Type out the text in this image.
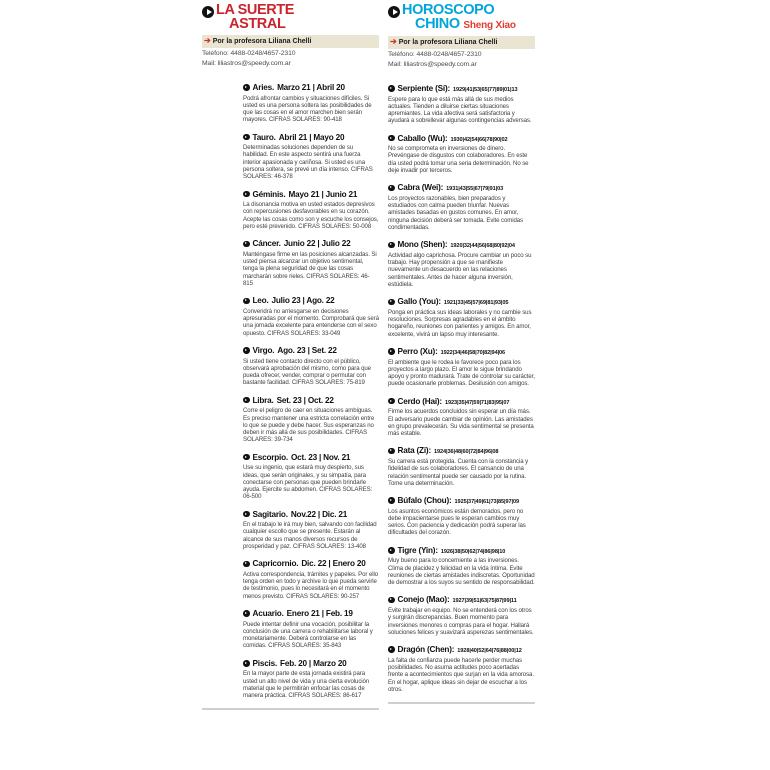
LA SUERTE
ASTRAL
➔ Por la profesora Liliana Chelli
Teléfono: 4488-0248/4657-2310
Mail: liliastros@speedy.com.ar
Aries. Marzo 21 | Abril 20
Podrá afrontar cambios y situaciones difíciles. Si usted es una persona soltera las posibilidades de que las cosas en el amor marchen bien serán mayores. CIFRAS SOLARES: 90-418
Tauro. Abril 21 | Mayo 20
Determinadas soluciones dependen de su habilidad. En este aspecto sentirá una fuerza interior apasionada y cariñosa. Si usted es una persona soltera, se prevé un día intenso. CIFRAS SOLARES: 46-378
Géminis. Mayo 21 | Junio 21
La disonancia motiva en usted estados depresivos con repercusiones desfavorables en su corazón. Acepte las cosas como son y escuche los consejos, pero esté prevenido. CIFRAS SOLARES: 50-008
Cáncer. Junio 22 | Julio 22
Manténgase firme en las posiciones alcanzadas. Si usted piensa alcanzar un objetivo sentimental, tenga la plena seguridad de que las cosas marcharán sobre rieles. CIFRAS SOLARES: 46-815
Leo. Julio 23 | Ago. 22
Convendrá no arriesgarse en decisiones apresuradas por el momento. Comprobará que será una jornada excelente para entenderse con el sexo opuesto. CIFRAS SOLARES: 33-049
Virgo. Ago. 23 | Set. 22
Si usted tiene contacto directo con el público, observará aprobación del mismo, como para que pueda ofrecer, vender, comprar o permutar con bastante facilidad. CIFRAS SOLARES: 75-819
Libra. Set. 23 | Oct. 22
Corre el peligro de caer en situaciones ambiguas. Es preciso mantener una estricta correlación entre lo que se puede y debe hacer. Sus esperanzas no deben ir más allá de sus posibilidades. CIFRAS SOLARES: 39-734
Escorpio. Oct. 23 | Nov. 21
Use su ingenio, que estará muy despierto, sus ideas, que serán originales, y su simpatía, para conectarse con personas que pueden brindarle ayuda. Ejercite su abdomen. CIFRAS SOLARES: 06-500
Sagitario. Nov.22 | Dic. 21
En el trabajo le irá muy bien, salvando con facilidad cualquier escollo que se presente. Estarán al alcance de sus manos diversos recursos de prosperidad y paz. CIFRAS SOLARES: 13-408
Capricornio. Dic. 22 | Enero 20
Activa correspondencia, trámites y papeles. Por ello tenga orden en todo y archive lo que pueda servirle de testimonio, pues lo necesitará en el momento menos previsto. CIFRAS SOLARES: 90-257
Acuario. Enero 21 | Feb. 19
Puede intentar definir una vocación, posibilitar la conclusión de una carrera o rehabilitarse laboral y monetariamente. Deberá controlarse en las comidas. CIFRAS SOLARES: 35-843
Piscis. Feb. 20 | Marzo 20
En la mayor parte de esta jornada existirá para usted un alto nivel de vida y una cierta evolución material que le permitirán enfocar las cosas de manera práctica. CIFRAS SOLARES: 86-617
HOROSCOPO
CHINO Sheng Xiao
➔ Por la profesora Liliana Chelli
Teléfono: 4488-0248/4657-2310
Mail: liliastros@speedy.com.ar
Serpiente (Sí): 1929|41|53|65|77|89|01|13
Espere para lo que está más allá de sus medios actuales. Tienden a diluirse ciertas situaciones apremiantes. La vida afectiva será satisfactoria y ayudará a sobrellevar algunas contingencias adversas.
Caballo (Wu): 1930|42|54|66|78|90|02
No se comprometa en inversiones de dinero. Prevéngase de disgustos con colaboradores. En este día usted podrá tomar una seria determinación. No se deje invadir por terceros.
Cabra (Wei): 1931|43|55|67|79|91|03
Los proyectos razonables, bien preparados y estudiados con calma pueden triunfar. Nuevas amistades basadas en gustos comunes. En amor, ninguna decisión deberá ser tomada. Evite comidas condimentadas.
Mono (Shen): 1920|32|44|56|68|80|92|04
Actividad algo caprichosa. Procure cambiar un poco su trabajo. Hay propensión a que se manifieste nuevamente un desacuerdo en las relaciones sentimentales. Antes de hacer alguna inversión, estúdiela.
Gallo (You): 1921|33|45|57|69|81|93|05
Ponga en práctica sus ideas laborales y no cambie sus resoluciones. Sorpresas agradables en el ámbito hogareño, reuniones con parientes y amigos. En amor, excelente, vivirá un lapso muy interesante.
Perro (Xu): 1922|34|46|58|70|82|94|06
El ambiente que le rodea le favorece poco para los proyectos a largo plazo. El amor le sigue brindando apoyo y pronto madurará. Trate de controlar su carácter, puede ocasionarle problemas. Desilusión con amigos.
Cerdo (Hai): 1923|35|47|59|71|83|95|07
Firme los acuerdos concluidos sin esperar un día más. El adversario puede cambiar de opinión. Las amistades en grupo prevalecerán. Su vida sentimental se presenta más estable.
Rata (Zi): 1924|36|48|60|72|84|96|08
Su carrera está protegida. Cuenta con la constancia y fidelidad de sus colaboradores. El cansancio de una relación sentimental puede ser causado por la rutina. Tome una determinación.
Búfalo (Chou): 1925|37|49|61|73|85|97|09
Los asuntos económicos están demorados, pero no debe impacientarse pues le esperan cambios muy serios. Con paciencia y dedicación podrá superar las dificultades del corazón.
Tigre (Yin): 1926|38|50|62|74|86|98|10
Muy bueno para lo concerniente a las inversiones. Clima de placidez y felicidad en la vida íntima. Evite reuniones de ciertas amistades indiscretas. Oportunidad de demostrar a los suyos su sentido de responsabilidad.
Conejo (Mao): 1927|39|51|63|75|87|99|11
Evite trabajar en equipo. No se entenderá con los otros y surgirán discrepancias. Buen momento para inversiones menores o compras para el hogar. Hallará soluciones felices y suavizará asperezas sentimentales.
Dragón (Chen): 1928|40|52|64|76|88|00|12
La falta de confianza puede hacerle perder muchas posibilidades. No asuma actitudes poco acertadas frente a acontecimientos que surjan en la vida amorosa. En el hogar, aplique ideas sin dejar de escuchar a los otros.
